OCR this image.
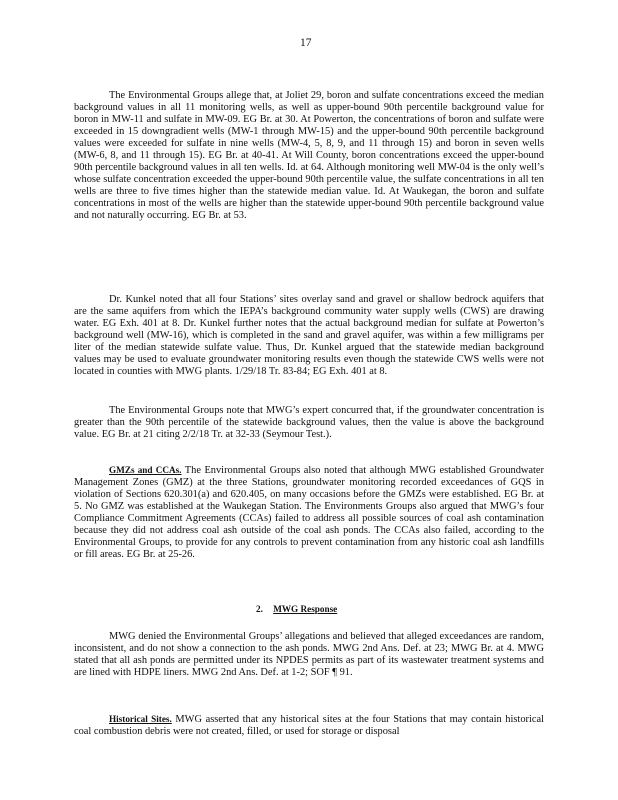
17

The Environmental Groups allege that, at Joliet 29, boron and sulfate concentrations exceed the median background values in all 11 monitoring wells, as well as upper-bound 90th percentile background value for boron in MW-11 and sulfate in MW-09. EG Br. at 30. At Powerton, the concentrations of boron and sulfate were exceeded in 15 downgradient wells (MW-1 through MW-15) and the upper-bound 90th percentile background values were exceeded for sulfate in nine wells (MW-4, 5, 8, 9, and 11 through 15) and boron in seven wells (MW-6, 8, and 11 through 15). EG Br. at 40-41. At Will County, boron concentrations exceed the upper-bound 90th percentile background values in all ten wells. Id. at 64. Although monitoring well MW-04 is the only well’s whose sulfate concentration exceeded the upper-bound 90th percentile value, the sulfate concentrations in all ten wells are three to five times higher than the statewide median value. Id. At Waukegan, the boron and sulfate concentrations in most of the wells are higher than the statewide upper-bound 90th percentile background value and not naturally occurring. EG Br. at 53.

Dr. Kunkel noted that all four Stations’ sites overlay sand and gravel or shallow bedrock aquifers that are the same aquifers from which the IEPA’s background community water supply wells (CWS) are drawing water. EG Exh. 401 at 8. Dr. Kunkel further notes that the actual background median for sulfate at Powerton’s background well (MW-16), which is completed in the sand and gravel aquifer, was within a few milligrams per liter of the median statewide sulfate value. Thus, Dr. Kunkel argued that the statewide median background values may be used to evaluate groundwater monitoring results even though the statewide CWS wells were not located in counties with MWG plants. 1/29/18 Tr. 83-84; EG Exh. 401 at 8.

The Environmental Groups note that MWG’s expert concurred that, if the groundwater concentration is greater than the 90th percentile of the statewide background values, then the value is above the background value. EG Br. at 21 citing 2/2/18 Tr. at 32-33 (Seymour Test.).

GMZs and CCAs. The Environmental Groups also noted that although MWG established Groundwater Management Zones (GMZ) at the three Stations, groundwater monitoring recorded exceedances of GQS in violation of Sections 620.301(a) and 620.405, on many occasions before the GMZs were established. EG Br. at 5. No GMZ was established at the Waukegan Station. The Environments Groups also argued that MWG’s four Compliance Commitment Agreements (CCAs) failed to address all possible sources of coal ash contamination because they did not address coal ash outside of the coal ash ponds. The CCAs also failed, according to the Environmental Groups, to provide for any controls to prevent contamination from any historic coal ash landfills or fill areas. EG Br. at 25-26.

2. MWG Response

MWG denied the Environmental Groups’ allegations and believed that alleged exceedances are random, inconsistent, and do not show a connection to the ash ponds. MWG 2nd Ans. Def. at 23; MWG Br. at 4. MWG stated that all ash ponds are permitted under its NPDES permits as part of its wastewater treatment systems and are lined with HDPE liners. MWG 2nd Ans. Def. at 1-2; SOF ¶ 91.

Historical Sites. MWG asserted that any historical sites at the four Stations that may contain historical coal combustion debris were not created, filled, or used for storage or disposal
